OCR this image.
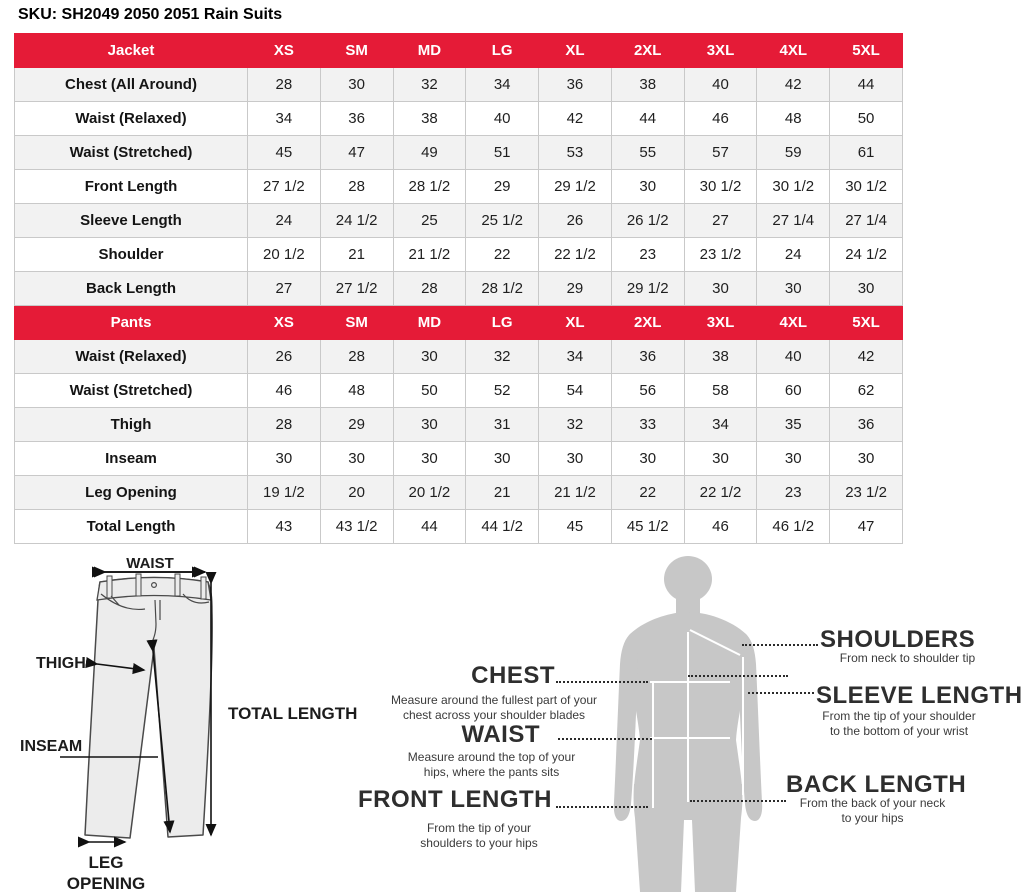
SKU: SH2049 2050 2051 Rain Suits
Jacket	XS	SM	MD	LG	XL	2XL	3XL	4XL	5XL
Chest (All Around)	28	30	32	34	36	38	40	42	44
Waist (Relaxed)	34	36	38	40	42	44	46	48	50
Waist (Stretched)	45	47	49	51	53	55	57	59	61
Front Length	27 1/2	28	28 1/2	29	29 1/2	30	30 1/2	30 1/2	30 1/2
Sleeve Length	24	24 1/2	25	25 1/2	26	26 1/2	27	27 1/4	27 1/4
Shoulder	20 1/2	21	21 1/2	22	22 1/2	23	23 1/2	24	24 1/2
Back Length	27	27 1/2	28	28 1/2	29	29 1/2	30	30	30
Pants	XS	SM	MD	LG	XL	2XL	3XL	4XL	5XL
Waist (Relaxed)	26	28	30	32	34	36	38	40	42
Waist (Stretched)	46	48	50	52	54	56	58	60	62
Thigh	28	29	30	31	32	33	34	35	36
Inseam	30	30	30	30	30	30	30	30	30
Leg Opening	19 1/2	20	20 1/2	21	21 1/2	22	22 1/2	23	23 1/2
Total Length	43	43 1/2	44	44 1/2	45	45 1/2	46	46 1/2	47
WAIST
THIGH
INSEAM
TOTAL LENGTH
LEG OPENING
CHEST
Measure around the fullest part of your chest across your shoulder blades
WAIST
Measure around the top of your hips, where the pants sits
FRONT LENGTH
From the tip of your shoulders to your hips
SHOULDERS
From neck to shoulder tip
SLEEVE LENGTH
From the tip of your shoulder to the bottom of your wrist
BACK LENGTH
From the back of your neck to your hips
